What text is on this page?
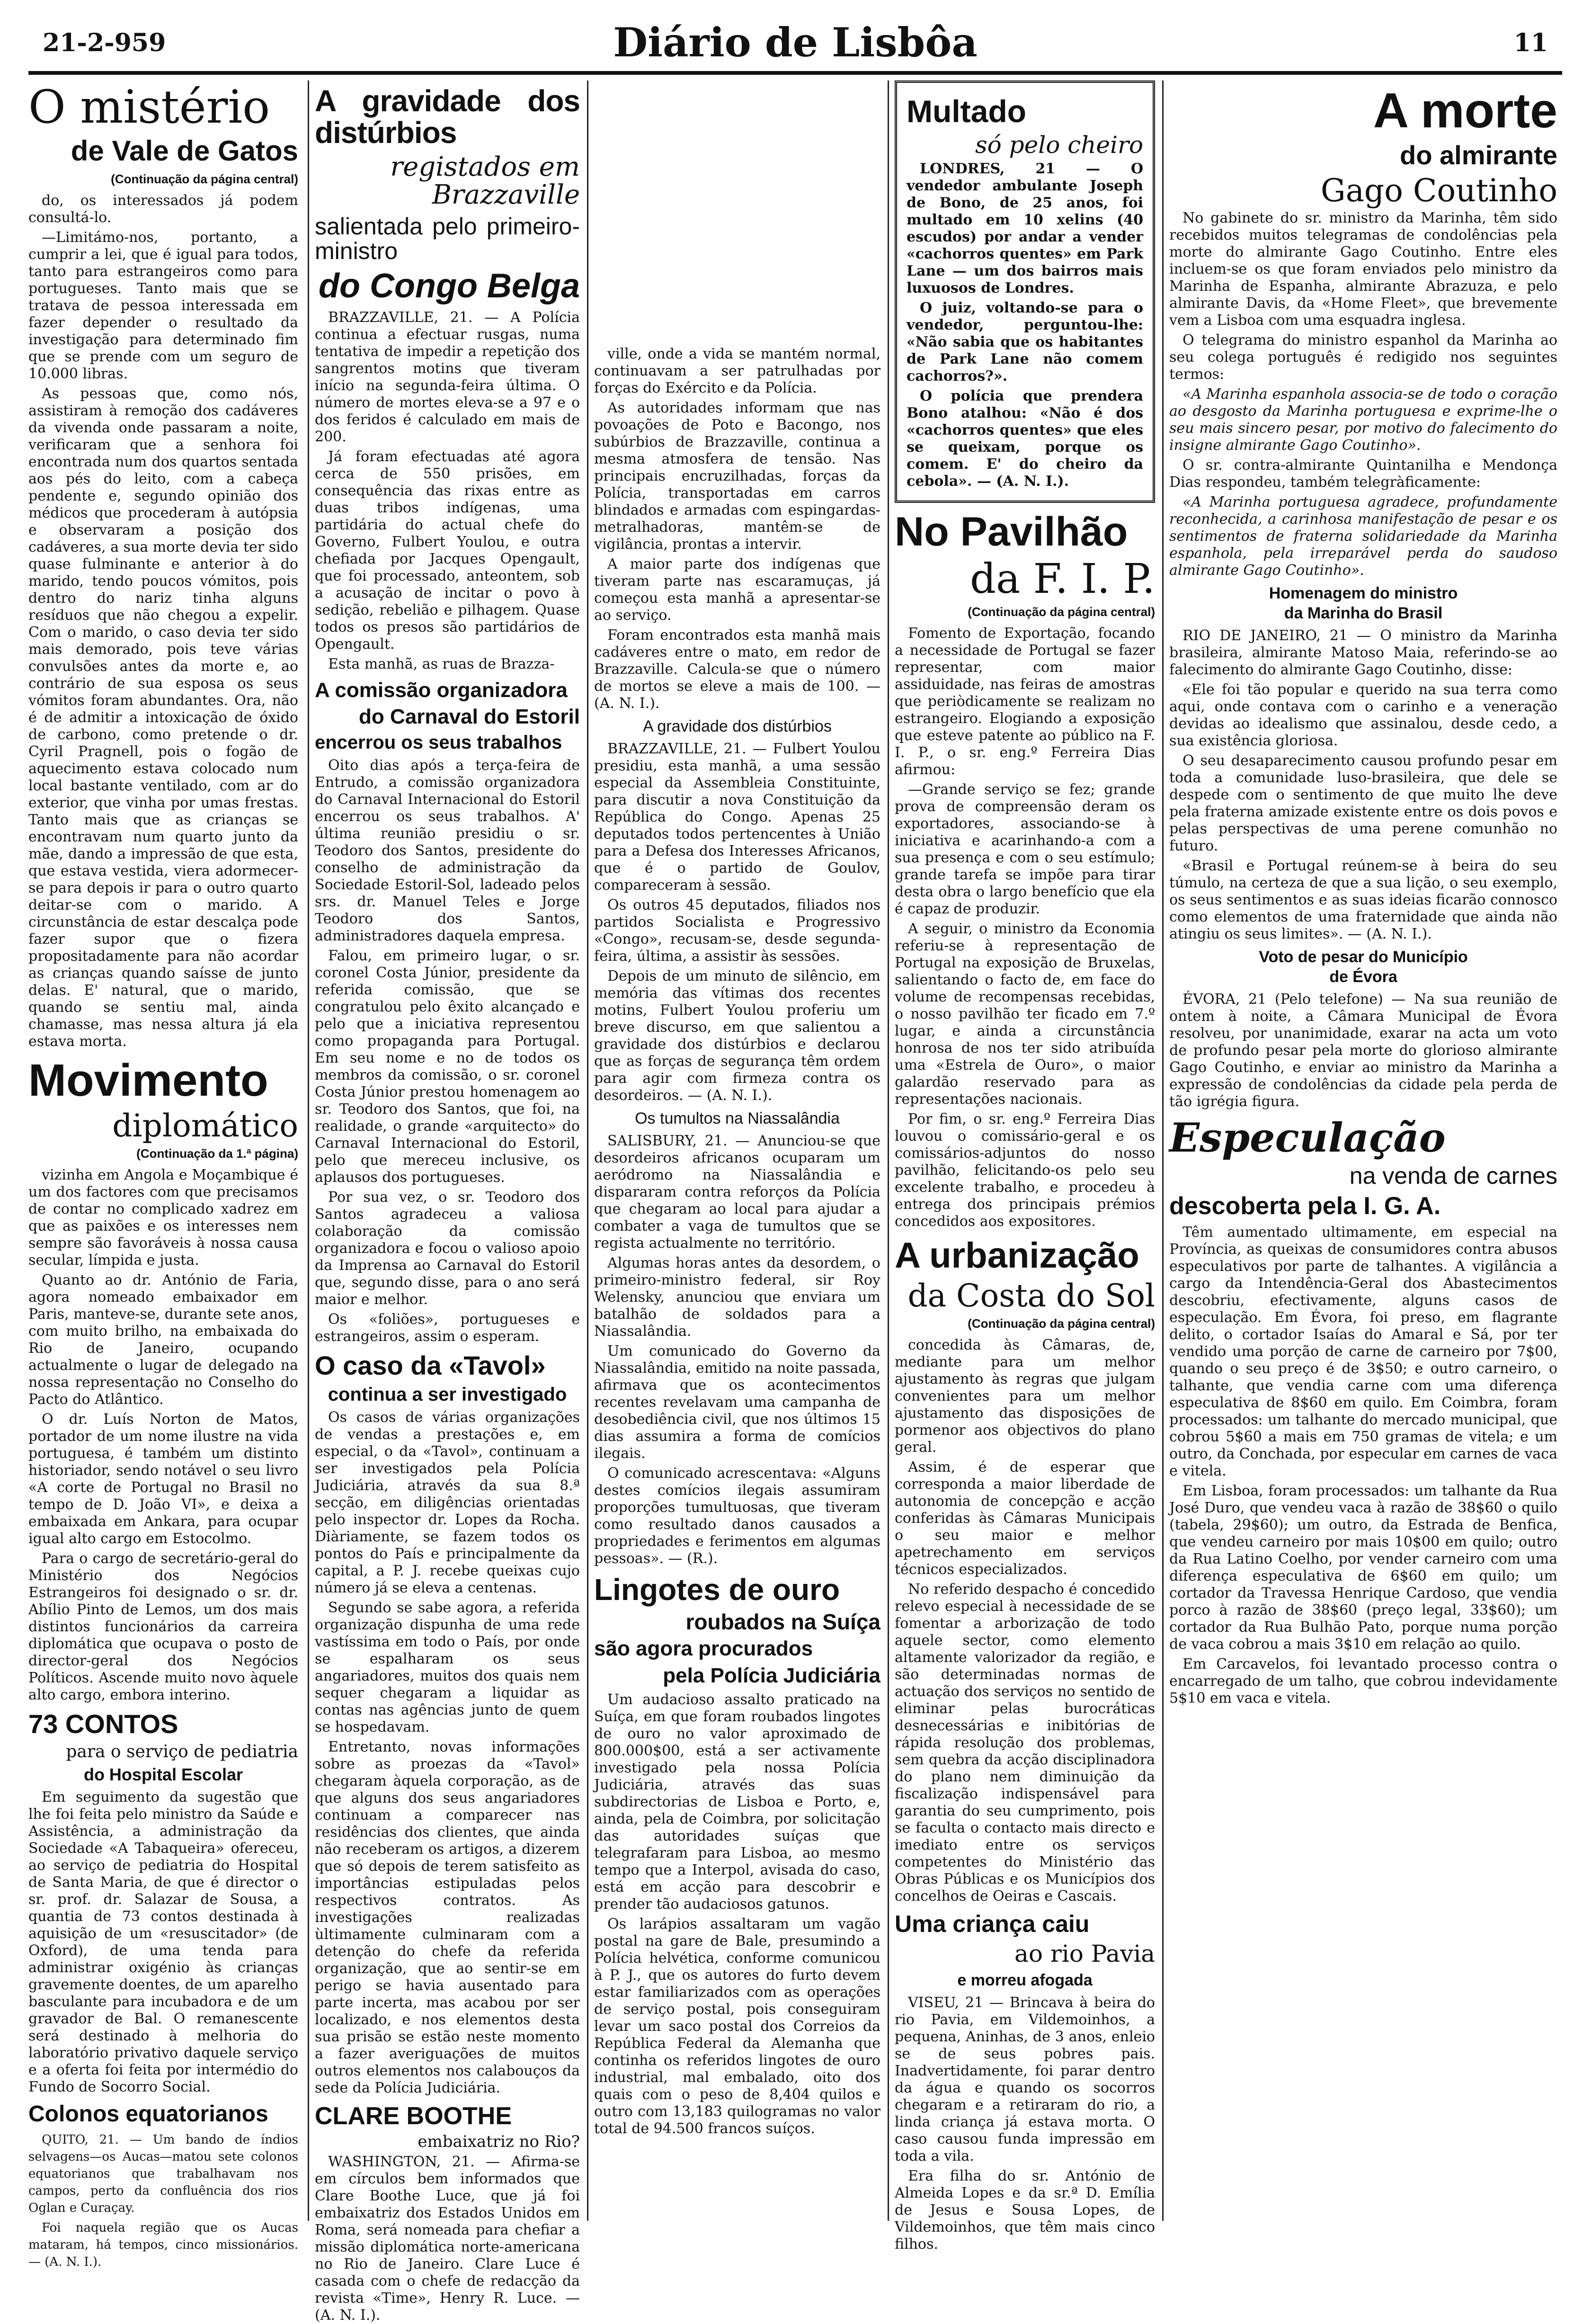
21-2-959	Diário de Lisbôa	11
O mistério
de Vale de Gatos
(Continuação da página central)

do, os interessados já podem consultá-lo.

—Limitámo-nos, portanto, a cumprir a lei, que é igual para todos, tanto para estrangeiros como para portugueses. Tanto mais que se tratava de pessoa interessada em fazer depender o resultado da investigação para determinado fim que se prende com um seguro de 10.000 libras.

As pessoas que, como nós, assistiram à remoção dos cadáveres da vivenda onde passaram a noite, verificaram que a senhora foi encontrada num dos quartos sentada aos pés do leito, com a cabeça pendente e, segundo opinião dos médicos que procederam à autópsia e observaram a posição dos cadáveres, a sua morte devia ter sido quase fulminante e anterior à do marido, tendo poucos vómitos, pois dentro do nariz tinha alguns resíduos que não chegou a expelir. Com o marido, o caso devia ter sido mais demorado, pois teve várias convulsões antes da morte e, ao contrário de sua esposa os seus vómitos foram abundantes. Ora, não é de admitir a intoxicação de óxido de carbono, como pretende o dr. Cyril Pragnell, pois o fogão de aquecimento estava colocado num local bastante ventilado, com ar do exterior, que vinha por umas frestas. Tanto mais que as crianças se encontravam num quarto junto da mãe, dando a impressão de que esta, que estava vestida, viera adormecer-se para depois ir para o outro quarto deitar-se com o marido. A circunstância de estar descalça pode fazer supor que o fizera propositadamente para não acordar as crianças quando saísse de junto delas. E' natural, que o marido, quando se sentiu mal, ainda chamasse, mas nessa altura já ela estava morta.

Movimento
diplomático
(Continuação da 1.ª página)

vizinha em Angola e Moçambique é um dos factores com que precisamos de contar no complicado xadrez em que as paixões e os interesses nem sempre são favoráveis à nossa causa secular, límpida e justa.

Quanto ao dr. António de Faria, agora nomeado embaixador em Paris, manteve-se, durante sete anos, com muito brilho, na embaixada do Rio de Janeiro, ocupando actualmente o lugar de delegado na nossa representação no Conselho do Pacto do Atlântico.

O dr. Luís Norton de Matos, portador de um nome ilustre na vida portuguesa, é também um distinto historiador, sendo notável o seu livro «A corte de Portugal no Brasil no tempo de D. João VI», e deixa a embaixada em Ankara, para ocupar igual alto cargo em Estocolmo.

Para o cargo de secretário-geral do Ministério dos Negócios Estrangeiros foi designado o sr. dr. Abílio Pinto de Lemos, um dos mais distintos funcionários da carreira diplomática que ocupava o posto de director-geral dos Negócios Políticos. Ascende muito novo àquele alto cargo, embora interino.

73 CONTOS
para o serviço de pediatria
do Hospital Escolar

Em seguimento da sugestão que lhe foi feita pelo ministro da Saúde e Assistência, a administração da Sociedade «A Tabaqueira» ofereceu, ao serviço de pediatria do Hospital de Santa Maria, de que é director o sr. prof. dr. Salazar de Sousa, a quantia de 73 contos destinada à aquisição de um «resuscitador» (de Oxford), de uma tenda para administrar oxigénio às crianças gravemente doentes, de um aparelho basculante para incubadora e de um gravador de Bal. O remanescente será destinado à melhoria do laboratório privativo daquele serviço e a oferta foi feita por intermédio do Fundo de Socorro Social.

Colonos equatorianos

QUITO, 21. — Um bando de índios selvagens—os Aucas—matou sete colonos equatorianos que trabalhavam nos campos, perto da confluência dos rios Oglan e Curaçay.

Foi naquela região que os Aucas mataram, há tempos, cinco missionários. — (A. N. I.).

A gravidade dos distúrbios
registados em Brazzaville
salientada pelo primeiro-ministro
do Congo Belga

BRAZZAVILLE, 21. — A Polícia continua a efectuar rusgas, numa tentativa de impedir a repetição dos sangrentos motins que tiveram início na segunda-feira última. O número de mortes eleva-se a 97 e o dos feridos é calculado em mais de 200.

Já foram efectuadas até agora cerca de 550 prisões, em consequência das rixas entre as duas tribos indígenas, uma partidária do actual chefe do Governo, Fulbert Youlou, e outra chefiada por Jacques Opengault, que foi processado, anteontem, sob a acusação de incitar o povo à sedição, rebelião e pilhagem. Quase todos os presos são partidários de Opengault.

Esta manhã, as ruas de Brazza-

A comissão organizadora
do Carnaval do Estoril
encerrou os seus trabalhos

Oito dias após a terça-feira de Entrudo, a comissão organizadora do Carnaval Internacional do Estoril encerrou os seus trabalhos. A' última reunião presidiu o sr. Teodoro dos Santos, presidente do conselho de administração da Sociedade Estoril-Sol, ladeado pelos srs. dr. Manuel Teles e Jorge Teodoro dos Santos, administradores daquela empresa.

Falou, em primeiro lugar, o sr. coronel Costa Júnior, presidente da referida comissão, que se congratulou pelo êxito alcançado e pelo que a iniciativa representou como propaganda para Portugal. Em seu nome e no de todos os membros da comissão, o sr. coronel Costa Júnior prestou homenagem ao sr. Teodoro dos Santos, que foi, na realidade, o grande «arquitecto» do Carnaval Internacional do Estoril, pelo que mereceu inclusive, os aplausos dos portugueses.

Por sua vez, o sr. Teodoro dos Santos agradeceu a valiosa colaboração da comissão organizadora e focou o valioso apoio da Imprensa ao Carnaval do Estoril que, segundo disse, para o ano será maior e melhor.

Os «foliões», portugueses e estrangeiros, assim o esperam.

O caso da «Tavol»
continua a ser investigado

Os casos de várias organizações de vendas a prestações e, em especial, o da «Tavol», continuam a ser investigados pela Polícia Judiciária, através da sua 8.ª secção, em diligências orientadas pelo inspector dr. Lopes da Rocha. Diàriamente, se fazem todos os pontos do País e principalmente da capital, a P. J. recebe queixas cujo número já se eleva a centenas.

Segundo se sabe agora, a referida organização dispunha de uma rede vastíssima em todo o País, por onde se espalharam os seus angariadores, muitos dos quais nem sequer chegaram a liquidar as contas nas agências junto de quem se hospedavam.

Entretanto, novas informações sobre as proezas da «Tavol» chegaram àquela corporação, as de que alguns dos seus angariadores continuam a comparecer nas residências dos clientes, que ainda não receberam os artigos, a dizerem que só depois de terem satisfeito as importâncias estipuladas pelos respectivos contratos. As investigações realizadas ùltimamente culminaram com a detenção do chefe da referida organização, que ao sentir-se em perigo se havia ausentado para parte incerta, mas acabou por ser localizado, e nos elementos desta sua prisão se estão neste momento a fazer averiguações de muitos outros elementos nos calabouços da sede da Polícia Judiciária.

CLARE BOOTHE
embaixatriz no Rio?

WASHINGTON, 21. — Afirma-se em círculos bem informados que Clare Boothe Luce, que já foi embaixatriz dos Estados Unidos em Roma, será nomeada para chefiar a missão diplomática norte-americana no Rio de Janeiro. Clare Luce é casada com o chefe de redacção da revista «Time», Henry R. Luce. — (A. N. I.).

ville, onde a vida se mantém normal, continuavam a ser patrulhadas por forças do Exército e da Polícia.

As autoridades informam que nas povoações de Poto e Bacongo, nos subúrbios de Brazzaville, continua a mesma atmosfera de tensão. Nas principais encruzilhadas, forças da Polícia, transportadas em carros blindados e armadas com espingardas-metralhadoras, mantêm-se de vigilância, prontas a intervir.

A maior parte dos indígenas que tiveram parte nas escaramuças, já começou esta manhã a apresentar-se ao serviço.

Foram encontrados esta manhã mais cadáveres entre o mato, em redor de Brazzaville. Calcula-se que o número de mortos se eleve a mais de 100. — (A. N. I.).

A gravidade dos distúrbios

BRAZZAVILLE, 21. — Fulbert Youlou presidiu, esta manhã, a uma sessão especial da Assembleia Constituinte, para discutir a nova Constituição da República do Congo. Apenas 25 deputados todos pertencentes à União para a Defesa dos Interesses Africanos, que é o partido de Goulov, compareceram à sessão.

Os outros 45 deputados, filiados nos partidos Socialista e Progressivo «Congo», recusam-se, desde segunda-feira, última, a assistir às sessões.

Depois de um minuto de silêncio, em memória das vítimas dos recentes motins, Fulbert Youlou proferiu um breve discurso, em que salientou a gravidade dos distúrbios e declarou que as forças de segurança têm ordem para agir com firmeza contra os desordeiros. — (A. N. I.).

Os tumultos na Niassalândia

SALISBURY, 21. — Anunciou-se que desordeiros africanos ocuparam um aeródromo na Niassalândia e dispararam contra reforços da Polícia que chegaram ao local para ajudar a combater a vaga de tumultos que se regista actualmente no território.

Algumas horas antes da desordem, o primeiro-ministro federal, sir Roy Welensky, anunciou que enviara um batalhão de soldados para a Niassalândia.

Um comunicado do Governo da Niassalândia, emitido na noite passada, afirmava que os acontecimentos recentes revelavam uma campanha de desobediência civil, que nos últimos 15 dias assumira a forma de comícios ilegais.

O comunicado acrescentava: «Alguns destes comícios ilegais assumiram proporções tumultuosas, que tiveram como resultado danos causados a propriedades e ferimentos em algumas pessoas». — (R.).

Lingotes de ouro
roubados na Suíça
são agora procurados
pela Polícia Judiciária

Um audacioso assalto praticado na Suíça, em que foram roubados lingotes de ouro no valor aproximado de 800.000$00, está a ser activamente investigado pela nossa Polícia Judiciária, através das suas subdirectorias de Lisboa e Porto, e, ainda, pela de Coimbra, por solicitação das autoridades suíças que telegrafaram para Lisboa, ao mesmo tempo que a Interpol, avisada do caso, está em acção para descobrir e prender tão audaciosos gatunos.

Os larápios assaltaram um vagão postal na gare de Bale, presumindo a Polícia helvética, conforme comunicou à P. J., que os autores do furto devem estar familiarizados com as operações de serviço postal, pois conseguiram levar um saco postal dos Correios da República Federal da Alemanha que continha os referidos lingotes de ouro industrial, mal embalado, oito dos quais com o peso de 8,404 quilos e outro com 13,183 quilogramas no valor total de 94.500 francos suíços.

Multado
só pelo cheiro

LONDRES, 21 — O vendedor ambulante Joseph de Bono, de 25 anos, foi multado em 10 xelins (40 escudos) por andar a vender «cachorros quentes» em Park Lane — um dos bairros mais luxuosos de Londres.

O juiz, voltando-se para o vendedor, perguntou-lhe: «Não sabia que os habitantes de Park Lane não comem cachorros?».

O polícia que prendera Bono atalhou: «Não é dos «cachorros quentes» que eles se queixam, porque os comem. E' do cheiro da cebola». — (A. N. I.).

No Pavilhão
da F. I. P.
(Continuação da página central)

Fomento de Exportação, focando a necessidade de Portugal se fazer representar, com maior assiduidade, nas feiras de amostras que periòdicamente se realizam no estrangeiro. Elogiando a exposição que esteve patente ao público na F. I. P., o sr. eng.º Ferreira Dias afirmou:

—Grande serviço se fez; grande prova de compreensão deram os exportadores, associando-se à iniciativa e acarinhando-a com a sua presença e com o seu estímulo; grande tarefa se impõe para tirar desta obra o largo benefício que ela é capaz de produzir.

A seguir, o ministro da Economia referiu-se à representação de Portugal na exposição de Bruxelas, salientando o facto de, em face do volume de recompensas recebidas, o nosso pavilhão ter ficado em 7.º lugar, e ainda a circunstância honrosa de nos ter sido atribuída uma «Estrela de Ouro», o maior galardão reservado para as representações nacionais.

Por fim, o sr. eng.º Ferreira Dias louvou o comissário-geral e os comissários-adjuntos do nosso pavilhão, felicitando-os pelo seu excelente trabalho, e procedeu à entrega dos principais prémios concedidos aos expositores.

A urbanização
da Costa do Sol
(Continuação da página central)

concedida às Câmaras, de, mediante para um melhor ajustamento às regras que julgam convenientes para um melhor ajustamento das disposições de pormenor aos objectivos do plano geral.

Assim, é de esperar que corresponda a maior liberdade de autonomia de concepção e acção conferidas às Câmaras Municipais o seu maior e melhor apetrechamento em serviços técnicos especializados.

No referido despacho é concedido relevo especial à necessidade de se fomentar a arborização de todo aquele sector, como elemento altamente valorizador da região, e são determinadas normas de actuação dos serviços no sentido de eliminar pelas burocráticas desnecessárias e inibitórias de rápida resolução dos problemas, sem quebra da acção disciplinadora do plano nem diminuição da fiscalização indispensável para garantia do seu cumprimento, pois se faculta o contacto mais directo e imediato entre os serviços competentes do Ministério das Obras Públicas e os Municípios dos concelhos de Oeiras e Cascais.

Uma criança caiu
ao rio Pavia
e morreu afogada

VISEU, 21 — Brincava à beira do rio Pavia, em Vildemoinhos, a pequena, Aninhas, de 3 anos, enleio se de seus pobres pais. Inadvertidamente, foi parar dentro da água e quando os socorros chegaram e a retiraram do rio, a linda criança já estava morta. O caso causou funda impressão em toda a vila.

Era filha do sr. António de Almeida Lopes e da sr.ª D. Emília de Jesus e Sousa Lopes, de Vildemoinhos, que têm mais cinco filhos.

A morte
do almirante
Gago Coutinho

No gabinete do sr. ministro da Marinha, têm sido recebidos muitos telegramas de condolências pela morte do almirante Gago Coutinho. Entre eles incluem-se os que foram enviados pelo ministro da Marinha de Espanha, almirante Abrazuza, e pelo almirante Davis, da «Home Fleet», que brevemente vem a Lisboa com uma esquadra inglesa.

O telegrama do ministro espanhol da Marinha ao seu colega português é redigido nos seguintes termos:

«A Marinha espanhola associa-se de todo o coração ao desgosto da Marinha portuguesa e exprime-lhe o seu mais sincero pesar, por motivo do falecimento do insigne almirante Gago Coutinho».

O sr. contra-almirante Quintanilha e Mendonça Dias respondeu, também telegràficamente:

«A Marinha portuguesa agradece, profundamente reconhecida, a carinhosa manifestação de pesar e os sentimentos de fraterna solidariedade da Marinha espanhola, pela irreparável perda do saudoso almirante Gago Coutinho».

Homenagem do ministro
da Marinha do Brasil

RIO DE JANEIRO, 21 — O ministro da Marinha brasileira, almirante Matoso Maia, referindo-se ao falecimento do almirante Gago Coutinho, disse:

«Ele foi tão popular e querido na sua terra como aqui, onde contava com o carinho e a veneração devidas ao idealismo que assinalou, desde cedo, a sua existência gloriosa.

O seu desaparecimento causou profundo pesar em toda a comunidade luso-brasileira, que dele se despede com o sentimento de que muito lhe deve pela fraterna amizade existente entre os dois povos e pelas perspectivas de uma perene comunhão no futuro.

«Brasil e Portugal reúnem-se à beira do seu túmulo, na certeza de que a sua lição, o seu exemplo, os seus sentimentos e as suas ideias ficarão connosco como elementos de uma fraternidade que ainda não atingiu os seus limites». — (A. N. I.).

Voto de pesar do Município
de Évora

ÉVORA, 21 (Pelo telefone) — Na sua reunião de ontem à noite, a Câmara Municipal de Évora resolveu, por unanimidade, exarar na acta um voto de profundo pesar pela morte do glorioso almirante Gago Coutinho, e enviar ao ministro da Marinha a expressão de condolências da cidade pela perda de tão igrégia figura.

Especulação
na venda de carnes
descoberta pela I. G. A.

Têm aumentado ultimamente, em especial na Província, as queixas de consumidores contra abusos especulativos por parte de talhantes. A vigilância a cargo da Intendência-Geral dos Abastecimentos descobriu, efectivamente, alguns casos de especulação. Em Évora, foi preso, em flagrante delito, o cortador Isaías do Amaral e Sá, por ter vendido uma porção de carne de carneiro por 7$00, quando o seu preço é de 3$50; e outro carneiro, o talhante, que vendia carne com uma diferença especulativa de 8$60 em quilo. Em Coimbra, foram processados: um talhante do mercado municipal, que cobrou 5$60 a mais em 750 gramas de vitela; e um outro, da Conchada, por especular em carnes de vaca e vitela.

Em Lisboa, foram processados: um talhante da Rua José Duro, que vendeu vaca à razão de 38$60 o quilo (tabela, 29$60); um outro, da Estrada de Benfica, que vendeu carneiro por mais 10$00 em quilo; outro da Rua Latino Coelho, por vender carneiro com uma diferença especulativa de 6$60 em quilo; um cortador da Travessa Henrique Cardoso, que vendia porco à razão de 38$60 (preço legal, 33$60); um cortador da Rua Bulhão Pato, porque numa porção de vaca cobrou a mais 3$10 em relação ao quilo.

Em Carcavelos, foi levantado processo contra o encarregado de um talho, que cobrou indevidamente 5$10 em vaca e vitela.
